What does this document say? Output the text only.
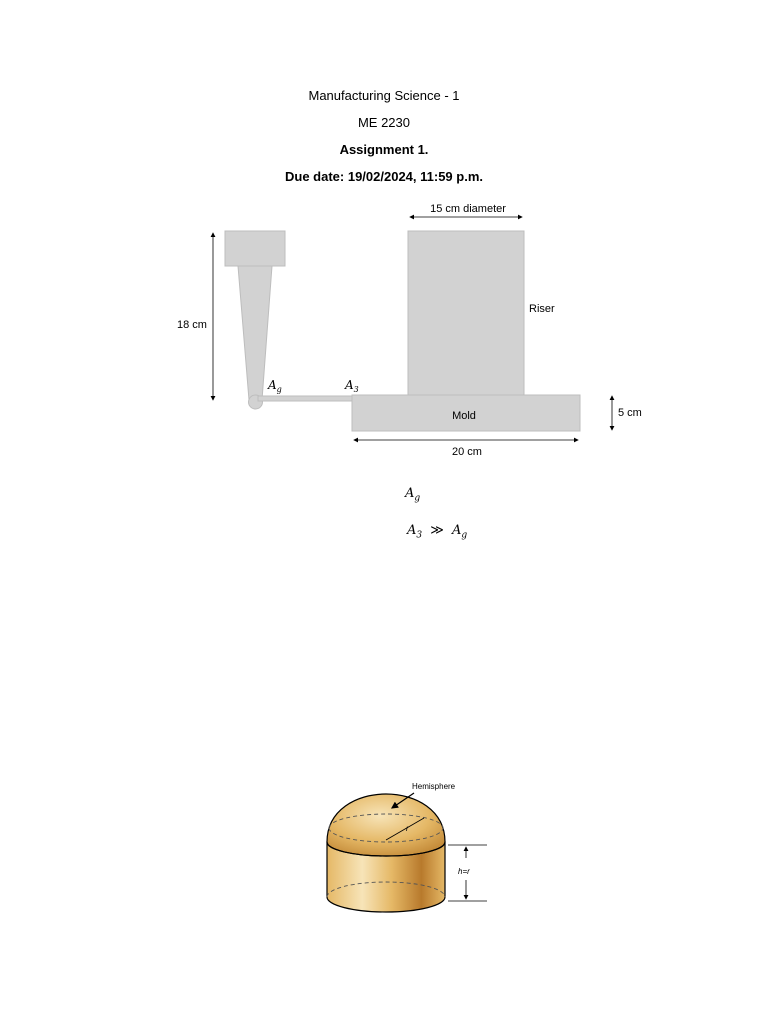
Manufacturing Science - 1
ME 2230
Assignment 1.
Due date: 19/02/2024, 11:59 p.m.
15 cm diameter
Riser
18 cm
$A_g$	$A_3$
Mold
20 cm
5 cm
$A_g$
$A_3$ ≫ $A_g$
r
Hemisphere
h=r
